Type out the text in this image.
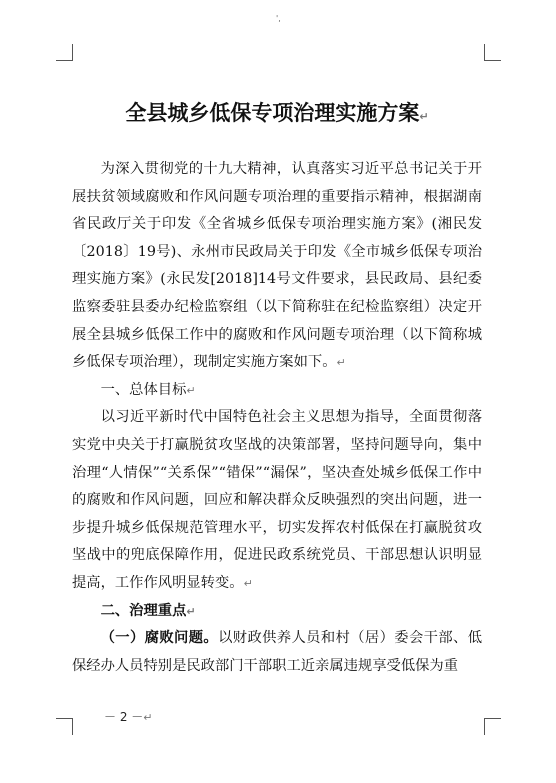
',
全县城乡低保专项治理实施方案↵

为深入贯彻党的十九大精神，认真落实习近平总书记关于开展扶贫领域腐败和作风问题专项治理的重要指示精神，根据湖南省民政厅关于印发《全省城乡低保专项治理实施方案》(湘民发〔2018〕19号)、永州市民政局关于印发《全市城乡低保专项治理实施方案》(永民发[2018]14号文件要求，县民政局、县纪委监察委驻县委办纪检监察组（以下简称驻在纪检监察组）决定开展全县城乡低保工作中的腐败和作风问题专项治理（以下简称城乡低保专项治理），现制定实施方案如下。↵

一、总体目标↵

以习近平新时代中国特色社会主义思想为指导，全面贯彻落实党中央关于打赢脱贫攻坚战的决策部署，坚持问题导向，集中治理“人情保”“关系保”“错保”“漏保”，坚决查处城乡低保工作中的腐败和作风问题，回应和解决群众反映强烈的突出问题，进一步提升城乡低保规范管理水平，切实发挥农村低保在打赢脱贫攻坚战中的兜底保障作用，促进民政系统党员、干部思想认识明显提高，工作作风明显转变。↵

二、治理重点↵

（一）腐败问题。以财政供养人员和村（居）委会干部、低保经办人员特别是民政部门干部职工近亲属违规享受低保为重

－ 2 －↵
